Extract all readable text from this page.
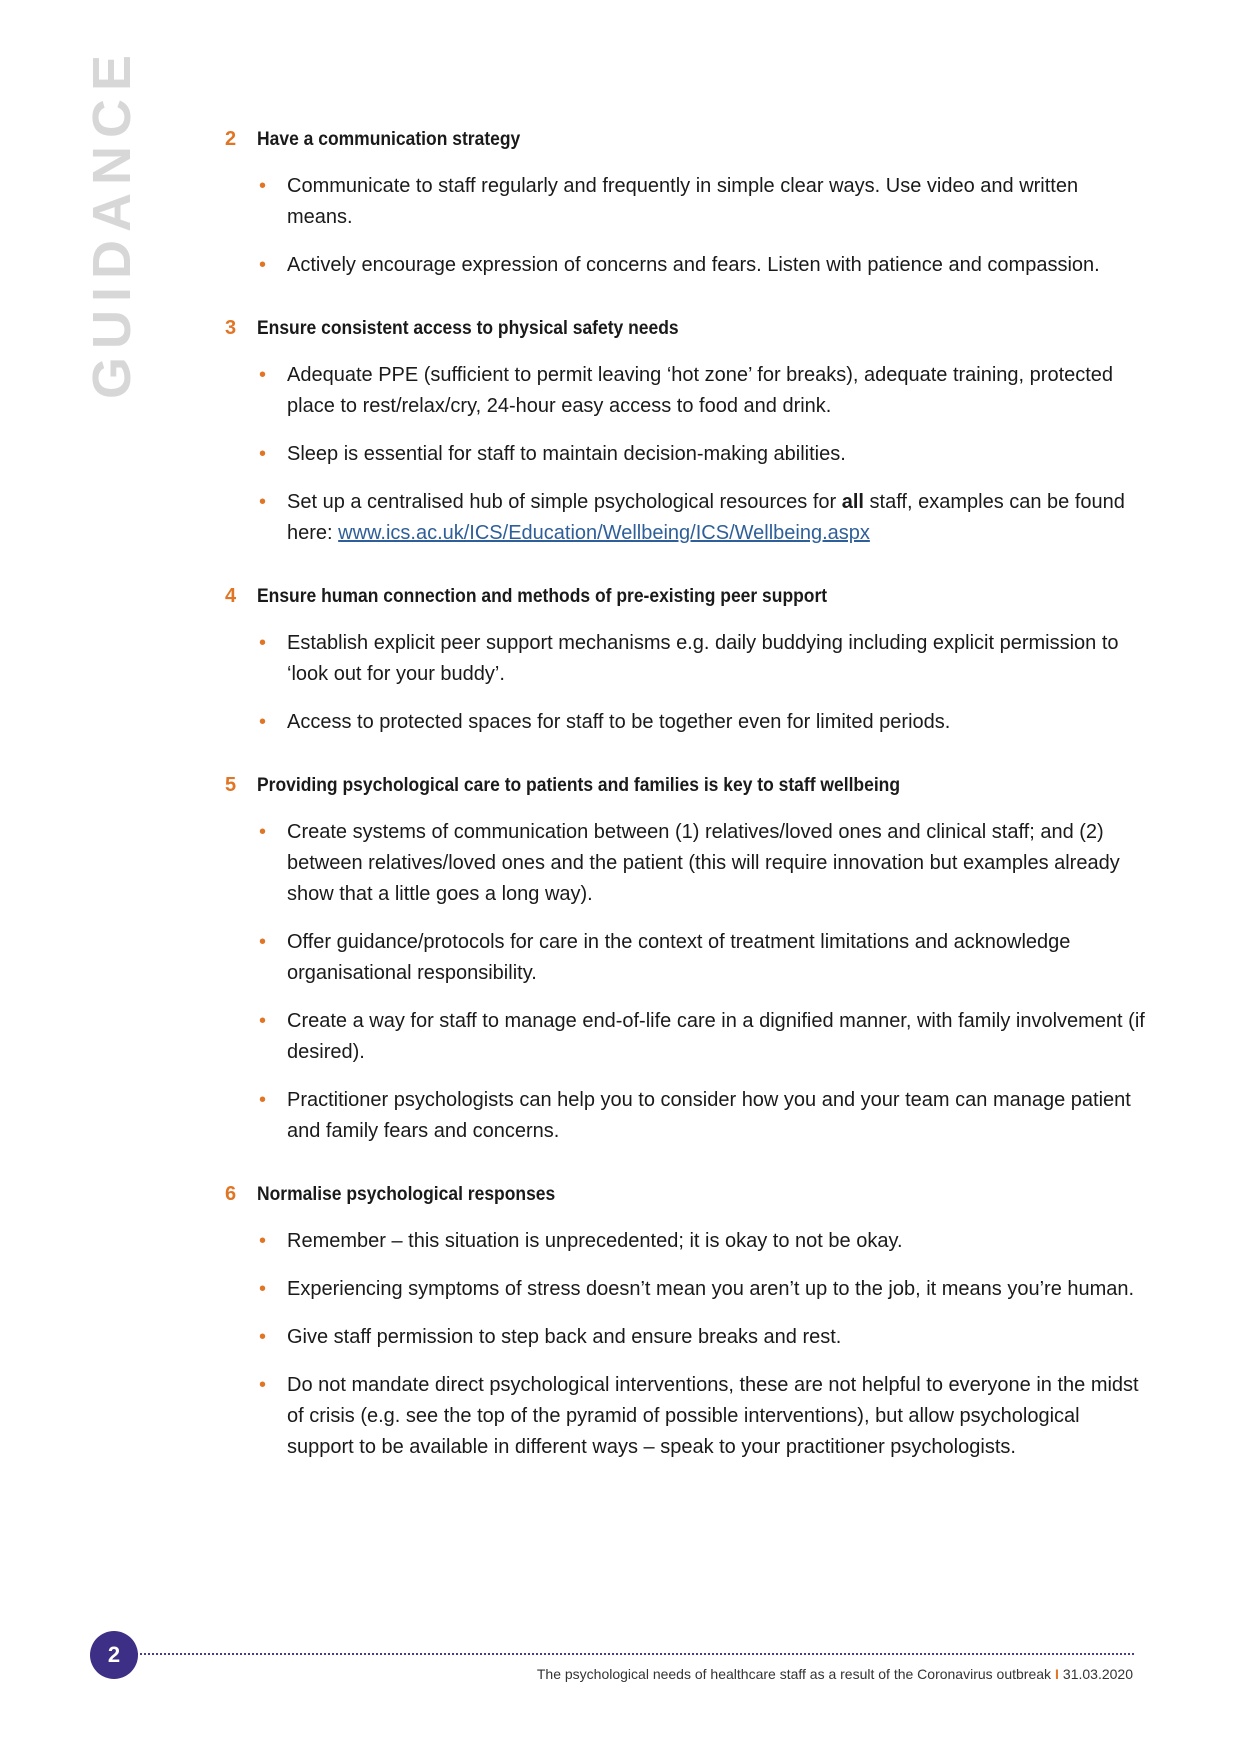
GUIDANCE	2	Have a communication strategy
• Communicate to staff regularly and frequently in simple clear ways. Use video and written means.
• Actively encourage expression of concerns and fears. Listen with patience and compassion.
3	Ensure consistent access to physical safety needs
• Adequate PPE (sufficient to permit leaving ‘hot zone’ for breaks), adequate training, protected place to rest/relax/cry, 24-hour easy access to food and drink.
• Sleep is essential for staff to maintain decision-making abilities.
• Set up a centralised hub of simple psychological resources for all staff, examples can be found here: www.ics.ac.uk/ICS/Education/Wellbeing/ICS/Wellbeing.aspx
4	Ensure human connection and methods of pre-existing peer support
• Establish explicit peer support mechanisms e.g. daily buddying including explicit permission to ‘look out for your buddy’.
• Access to protected spaces for staff to be together even for limited periods.
5	Providing psychological care to patients and families is key to staff wellbeing
• Create systems of communication between (1) relatives/loved ones and clinical staff; and (2) between relatives/loved ones and the patient (this will require innovation but examples already show that a little goes a long way).
• Offer guidance/protocols for care in the context of treatment limitations and acknowledge organisational responsibility.
• Create a way for staff to manage end-of-life care in a dignified manner, with family involvement (if desired).
• Practitioner psychologists can help you to consider how you and your team can manage patient and family fears and concerns.
6	Normalise psychological responses
• Remember – this situation is unprecedented; it is okay to not be okay.
• Experiencing symptoms of stress doesn’t mean you aren’t up to the job, it means you’re human.
• Give staff permission to step back and ensure breaks and rest.
• Do not mandate direct psychological interventions, these are not helpful to everyone in the midst of crisis (e.g. see the top of the pyramid of possible interventions), but allow psychological support to be available in different ways – speak to your practitioner psychologists.
2
The psychological needs of healthcare staff as a result of the Coronavirus outbreak I 31.03.2020
